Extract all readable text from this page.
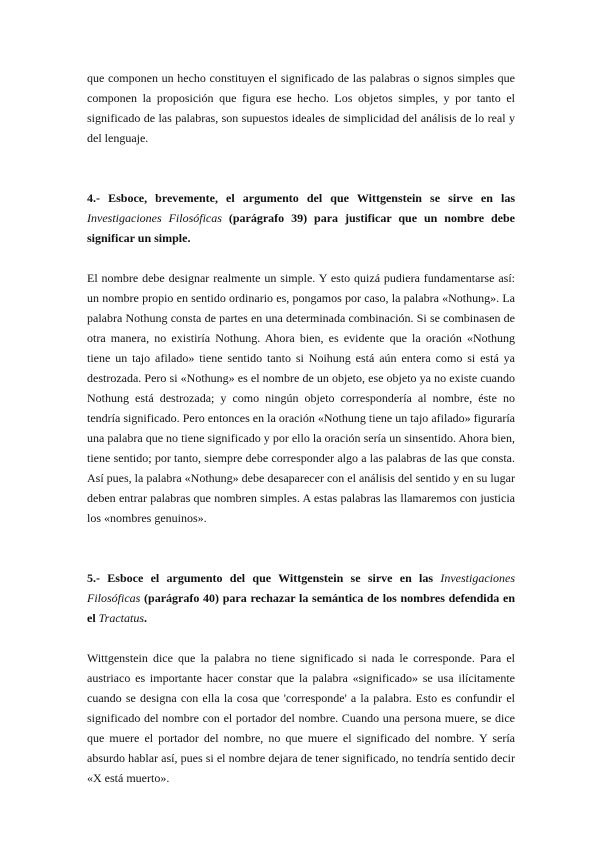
que componen un hecho constituyen el significado de las palabras o signos simples que componen la proposición que figura ese hecho. Los objetos simples, y por tanto el significado de las palabras, son supuestos ideales de simplicidad del análisis de lo real y del lenguaje.

4.- Esboce, brevemente, el argumento del que Wittgenstein se sirve en las Investigaciones Filosóficas (parágrafo 39) para justificar que un nombre debe significar un simple.

El nombre debe designar realmente un simple. Y esto quizá pudiera fundamentarse así: un nombre propio en sentido ordinario es, pongamos por caso, la palabra «Nothung». La palabra Nothung consta de partes en una determinada combinación. Si se combinasen de otra manera, no existiría Nothung. Ahora bien, es evidente que la oración «Nothung tiene un tajo afilado» tiene sentido tanto si Noihung está aún entera como si está ya destrozada. Pero si «Nothung» es el nombre de un objeto, ese objeto ya no existe cuando Nothung está destrozada; y como ningún objeto correspondería al nombre, éste no tendría significado. Pero entonces en la oración «Nothung tiene un tajo afilado» figuraría una palabra que no tiene significado y por ello la oración sería un sinsentido. Ahora bien, tiene sentido; por tanto, siempre debe corresponder algo a las palabras de las que consta. Así pues, la palabra «Nothung» debe desaparecer con el análisis del sentido y en su lugar deben entrar palabras que nombren simples. A estas palabras las llamaremos con justicia los «nombres genuinos».

5.- Esboce el argumento del que Wittgenstein se sirve en las Investigaciones Filosóficas (parágrafo 40) para rechazar la semántica de los nombres defendida en el Tractatus.

Wittgenstein dice que la palabra no tiene significado si nada le corresponde. Para el austriaco es importante hacer constar que la palabra «significado» se usa ilícitamente cuando se designa con ella la cosa que 'corresponde' a la palabra. Esto es confundir el significado del nombre con el portador del nombre. Cuando una persona muere, se dice que muere el portador del nombre, no que muere el significado del nombre. Y sería absurdo hablar así, pues si el nombre dejara de tener significado, no tendría sentido decir «X está muerto».
